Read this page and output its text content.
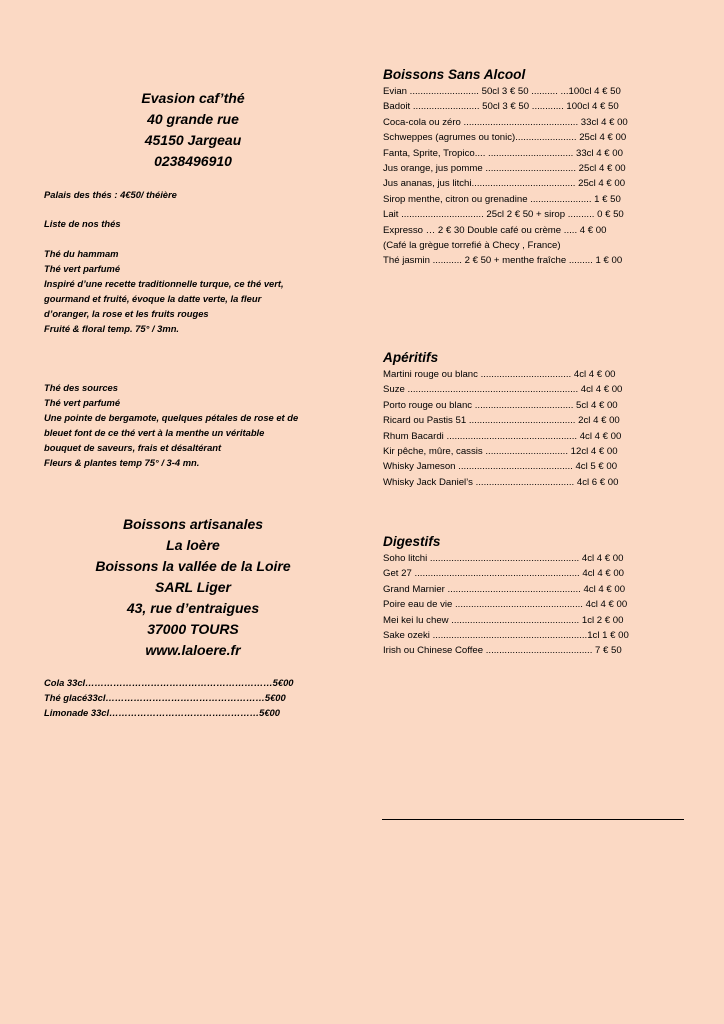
Evasion caf’thé
40 grande rue
45150 Jargeau
0238496910

Palais des thés : 4€50/ théière

Liste de nos thés

Thé du hammam

Thé vert parfumé

Inspiré d’une recette traditionnelle turque, ce thé vert,

gourmand et fruité, évoque la datte verte, la fleur

d’oranger, la rose et les fruits rouges

Fruité & floral temp. 75° / 3mn.

Thé des sources

Thé vert parfumé

Une pointe de bergamote, quelques pétales de rose et de

bleuet font de ce thé vert à la menthe un véritable

bouquet de saveurs, frais et désaltérant

Fleurs & plantes temp 75° / 3-4 mn.

Boissons artisanales
La loère
Boissons la vallée de la Loire
SARL Liger
43, rue d’entraigues
37000 TOURS
www.laloere.fr
Cola 33cl……………………………………………………5€00
Thé glacé33cl……………………………………………5€00
Limonade 33cl…………………………………………5€00
Boissons Sans Alcool
Evian .......................... 50cl 3 € 50 .......... ...100cl 4 € 50
Badoit ......................... 50cl 3 € 50 ............ 100cl 4 € 50
Coca-cola ou zéro ........................................... 33cl 4 € 00
Schweppes (agrumes ou tonic)....................... 25cl 4 € 00
Fanta, Sprite, Tropico.... ................................ 33cl 4 € 00
Jus orange, jus pomme .................................. 25cl 4 € 00
Jus ananas, jus litchi....................................... 25cl 4 € 00
Sirop menthe, citron ou grenadine ....................... 1 € 50
Lait ............................... 25cl 2 € 50 + sirop .......... 0 € 50
Expresso … 2 € 30 Double café ou crème ..... 4 € 00
(Café la grègue torrefié à Checy , France)
Thé jasmin ........... 2 € 50 + menthe fraîche ......... 1 € 00
Apéritifs
Martini rouge ou blanc .................................. 4cl 4 € 00
Suze ................................................................ 4cl 4 € 00
Porto rouge ou blanc ..................................... 5cl 4 € 00
Ricard ou Pastis 51 ........................................ 2cl 4 € 00
Rhum Bacardi ................................................. 4cl 4 € 00
Kir pêche, mûre, cassis ............................... 12cl 4 € 00
Whisky Jameson ........................................... 4cl 5 € 00
Whisky Jack Daniel’s ..................................... 4cl 6 € 00
Digestifs
Soho litchi ........................................................ 4cl 4 € 00
Get 27 .............................................................. 4cl 4 € 00
Grand Marnier .................................................. 4cl 4 € 00
Poire eau de vie ................................................ 4cl 4 € 00
Mei kei lu chew ................................................ 1cl 2 € 00
Sake ozeki ..........................................................1cl 1 € 00
Irish ou Chinese Coffee ........................................ 7 € 50
